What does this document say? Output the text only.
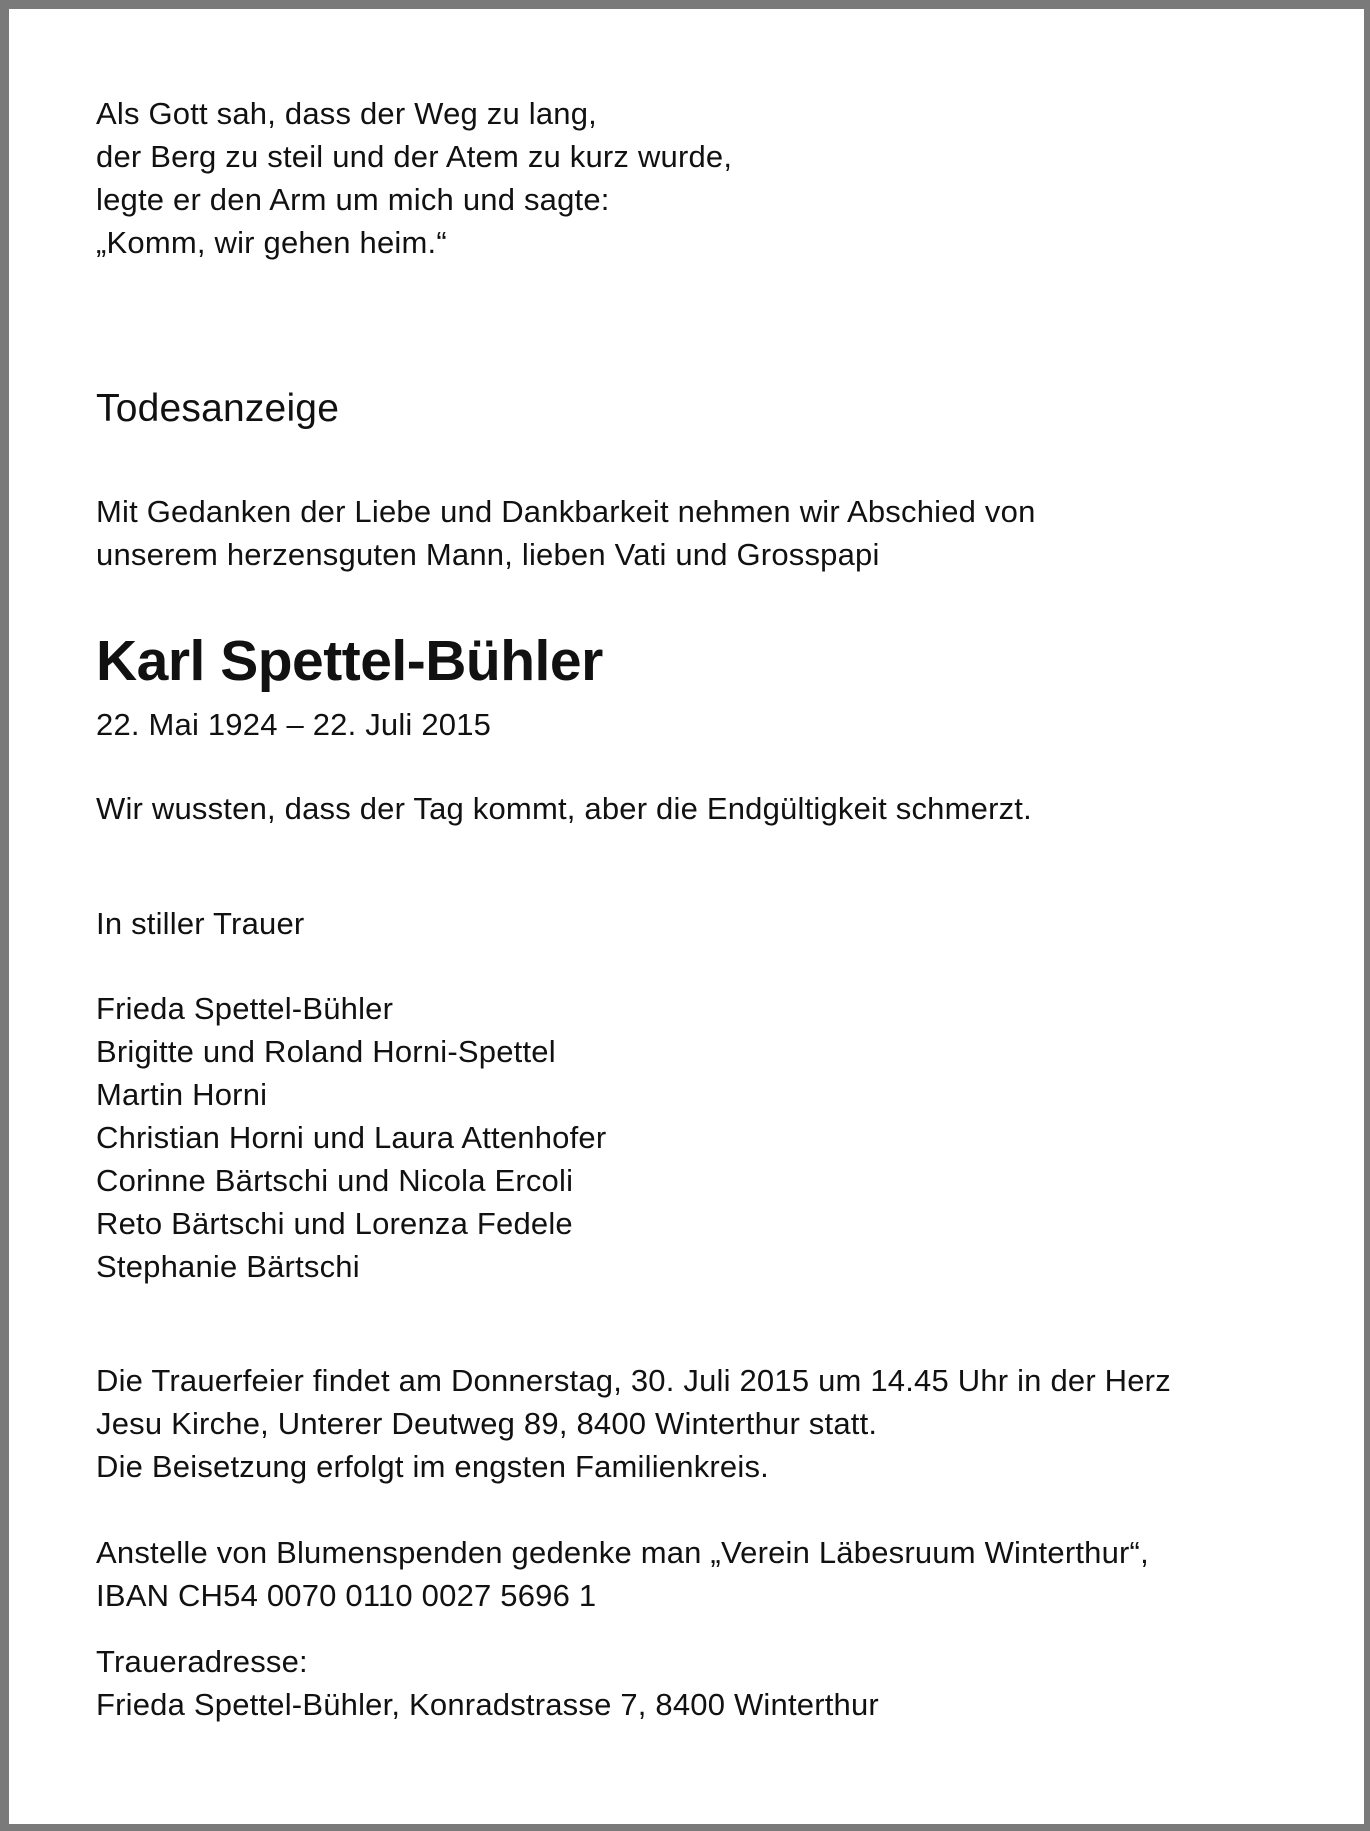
Als Gott sah, dass der Weg zu lang,
der Berg zu steil und der Atem zu kurz wurde,
legte er den Arm um mich und sagte:
„Komm, wir gehen heim.“
Todesanzeige
Mit Gedanken der Liebe und Dankbarkeit nehmen wir Abschied von
unserem herzensguten Mann, lieben Vati und Grosspapi
Karl Spettel-Bühler
22. Mai 1924 – 22. Juli 2015
Wir wussten, dass der Tag kommt, aber die Endgültigkeit schmerzt.
In stiller Trauer
Frieda Spettel-Bühler
Brigitte und Roland Horni-Spettel
Martin Horni
Christian Horni und Laura Attenhofer
Corinne Bärtschi und Nicola Ercoli
Reto Bärtschi und Lorenza Fedele
Stephanie Bärtschi
Die Trauerfeier findet am Donnerstag, 30. Juli 2015 um 14.45 Uhr in der Herz
Jesu Kirche, Unterer Deutweg 89, 8400 Winterthur statt.
Die Beisetzung erfolgt im engsten Familienkreis.
Anstelle von Blumenspenden gedenke man „Verein Läbesruum Winterthur“,
IBAN CH54 0070 0110 0027 5696 1
Traueradresse:
Frieda Spettel-Bühler, Konradstrasse 7, 8400 Winterthur
